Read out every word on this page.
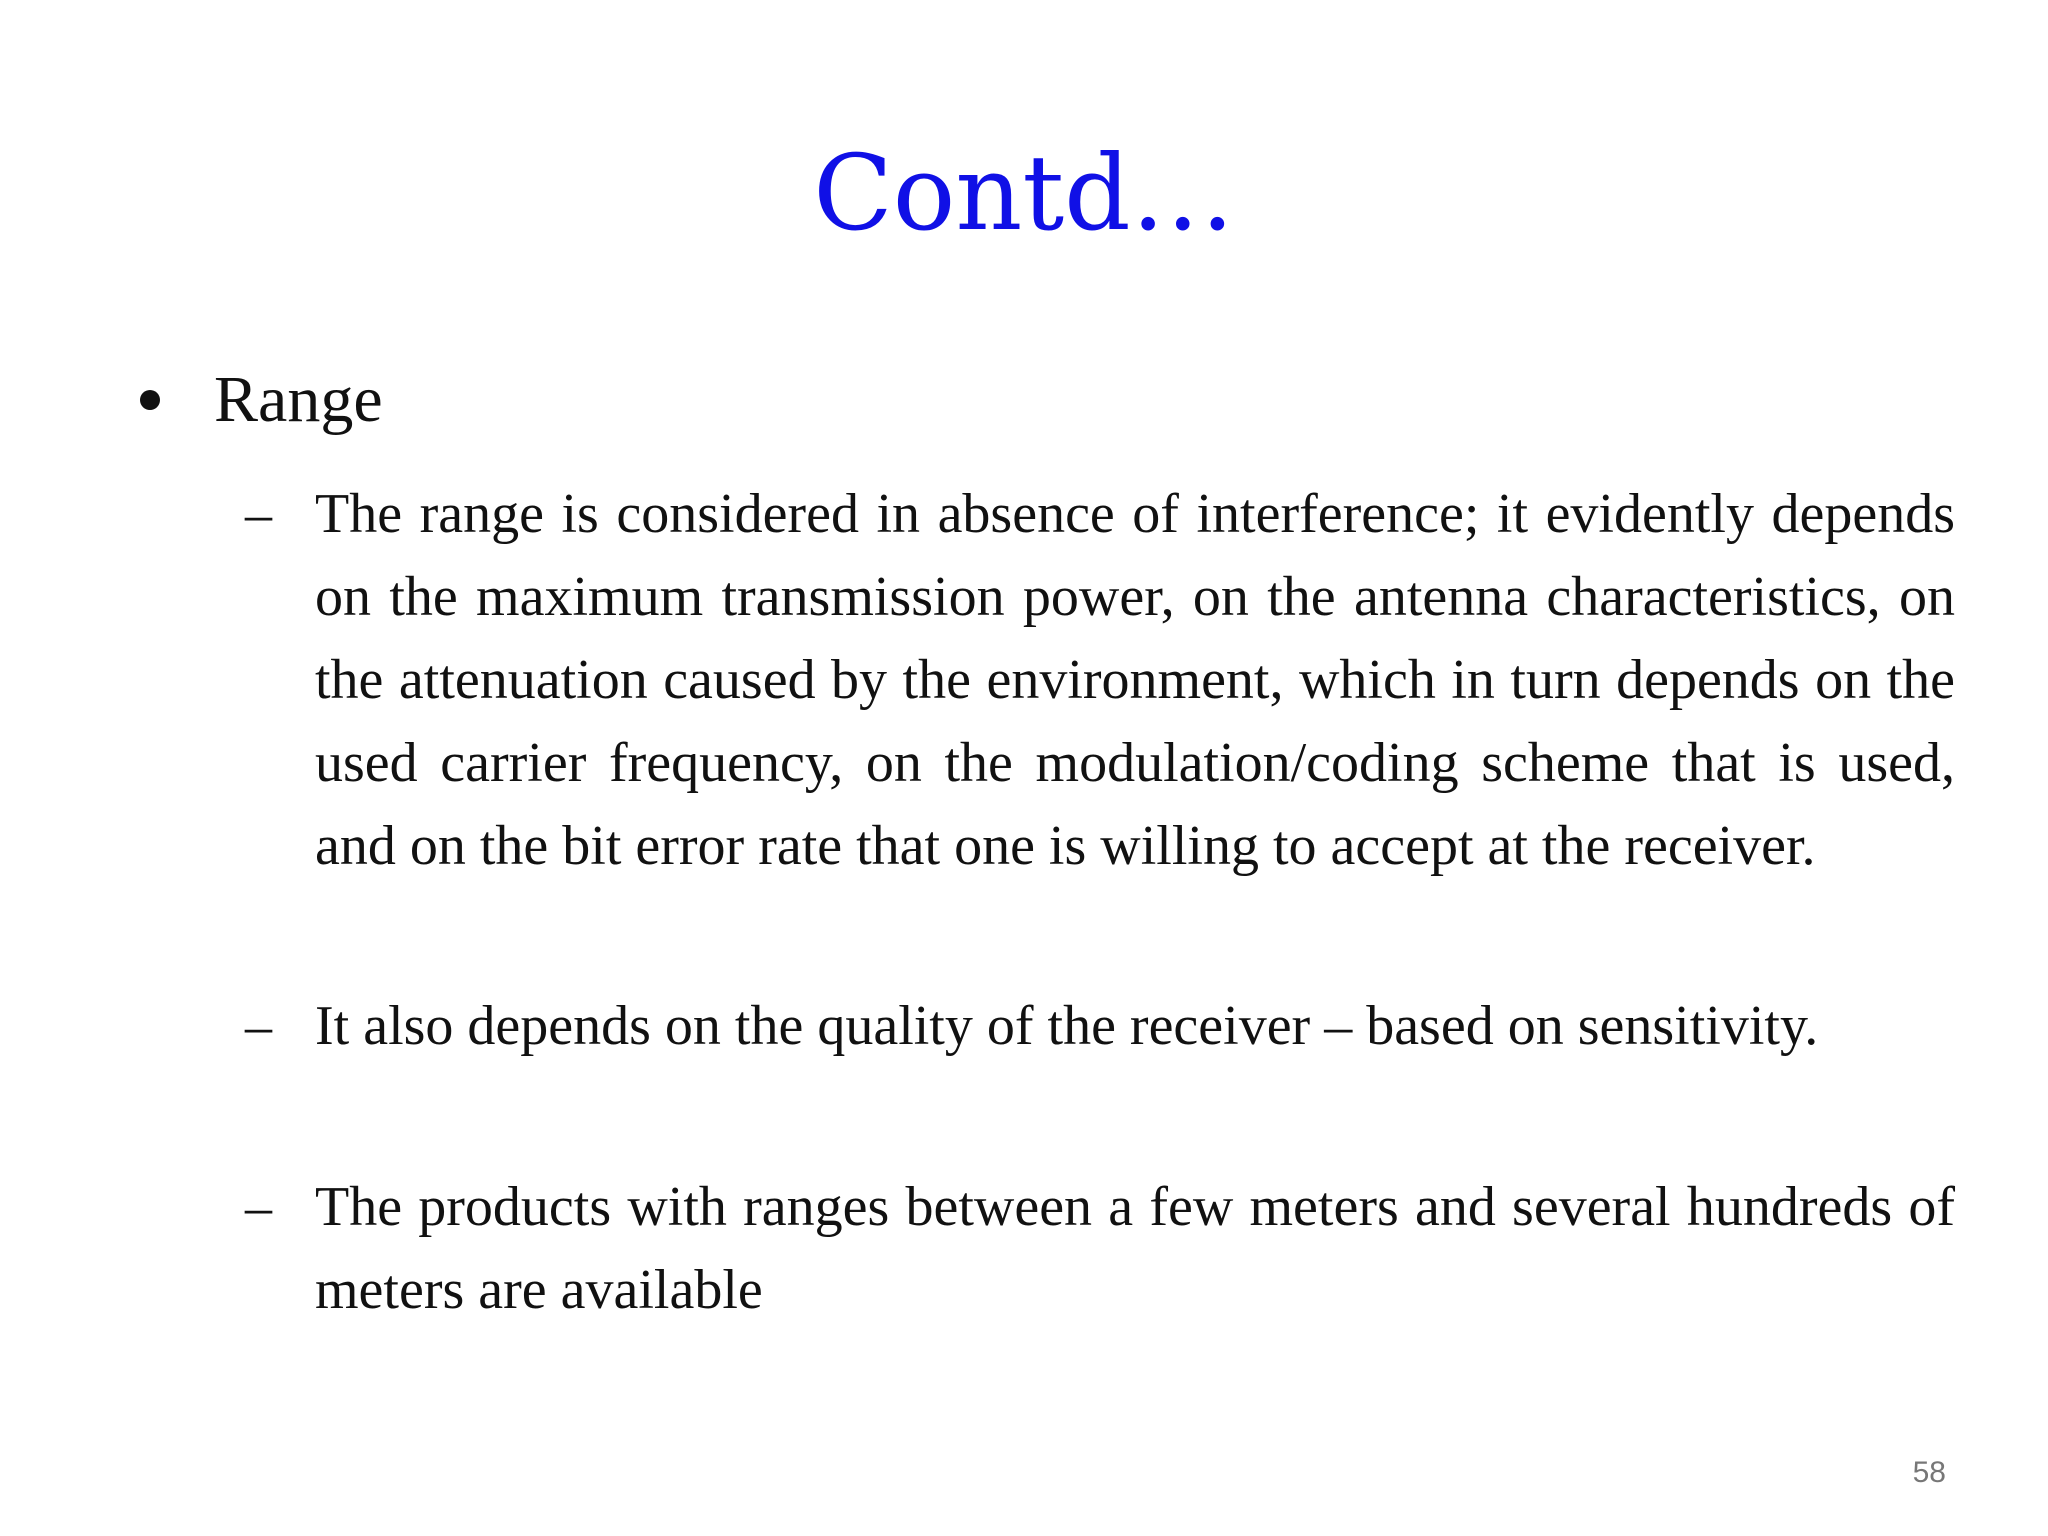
Contd…
Range
– The range is considered in absence of interference; it evidently depends on the maximum transmission power, on the antenna characteristics, on the attenuation caused by the environment, which in turn depends on the used carrier frequency, on the modulation/coding scheme that is used, and on the bit error rate that one is willing to accept at the receiver.
– It also depends on the quality of the receiver – based on sensitivity.
– The products with ranges between a few meters and several hundreds of meters are available
58
